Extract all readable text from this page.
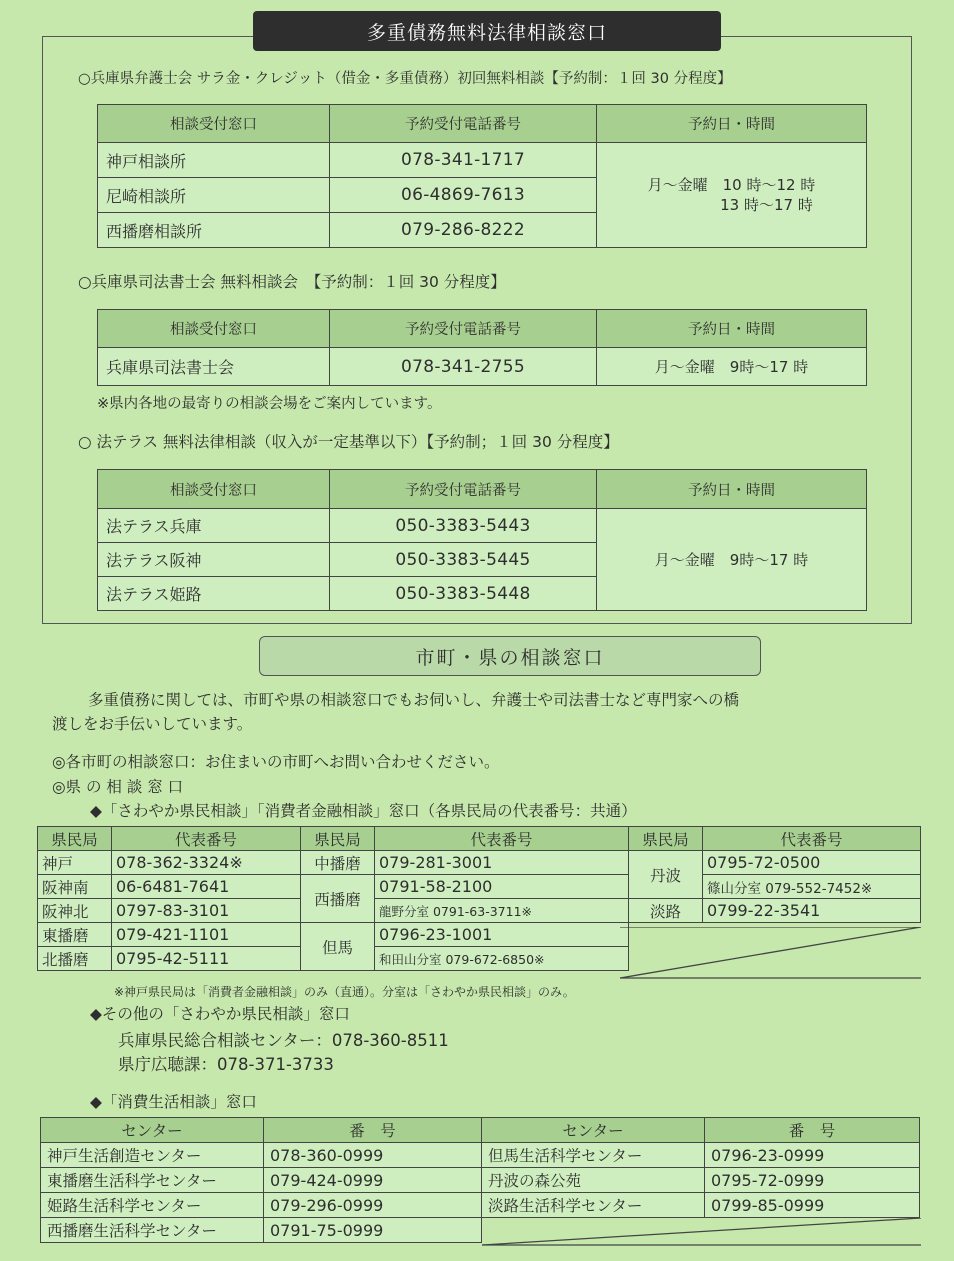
多重債務無料法律相談窓口
○兵庫県弁護士会 サラ金・クレジット（借金・多重債務）初回無料相談【予約制：１回 30 分程度】
相談受付窓口	予約受付電話番号	予約日・時間
神戸相談所	078-341-1717	月～金曜　10 時～12 時
13 時～17 時

尼崎相談所	06-4869-7613	
西播磨相談所	079-286-8222	
○兵庫県司法書士会 無料相談会　【予約制：１回 30 分程度】
相談受付窓口	予約受付電話番号	予約日・時間
兵庫県司法書士会	078-341-2755	月～金曜　9時～17 時
※県内各地の最寄りの相談会場をご案内しています。
○ 法テラス 無料法律相談（収入が一定基準以下）【予約制；１回 30 分程度】
相談受付窓口	予約受付電話番号	予約日・時間
法テラス兵庫	050-3383-5443	月～金曜　9時～17 時
法テラス阪神	050-3383-5445	
法テラス姫路	050-3383-5448	
市町・県の相談窓口
多重債務に関しては、市町や県の相談窓口でもお伺いし、弁護士や司法書士など専門家への橋
渡しをお手伝いしています。
◎各市町の相談窓口：お住まいの市町へお問い合わせください。
◎県 の 相 談 窓 口
◆「さわやか県民相談」「消費者金融相談」窓口（各県民局の代表番号：共通）
県民局	代表番号	県民局	代表番号	県民局	代表番号
神戸	078-362-3324※	中播磨	079-281-3001	丹波	0795-72-0500
阪神南	06-6481-7641	西播磨	0791-58-2100		篠山分室 079-552-7452※
阪神北	0797-83-3101		龍野分室 0791-63-3711※	淡路	0799-22-3541
東播磨	079-421-1101	但馬	0796-23-1001		
北播磨	0795-42-5111		和田山分室 079-672-6850※		
※神戸県民局は「消費者金融相談」のみ（直通）。分室は「さわやか県民相談」のみ。
◆その他の「さわやか県民相談」窓口
兵庫県民総合相談センター：078-360-8511
県庁広聴課：078-371-3733
◆「消費生活相談」窓口
センター	番　号	センター	番　号
神戸生活創造センター	078-360-0999	但馬生活科学センター	0796-23-0999
東播磨生活科学センター	079-424-0999	丹波の森公苑	0795-72-0999
姫路生活科学センター	079-296-0999	淡路生活科学センター	0799-85-0999
西播磨生活科学センター	0791-75-0999		
